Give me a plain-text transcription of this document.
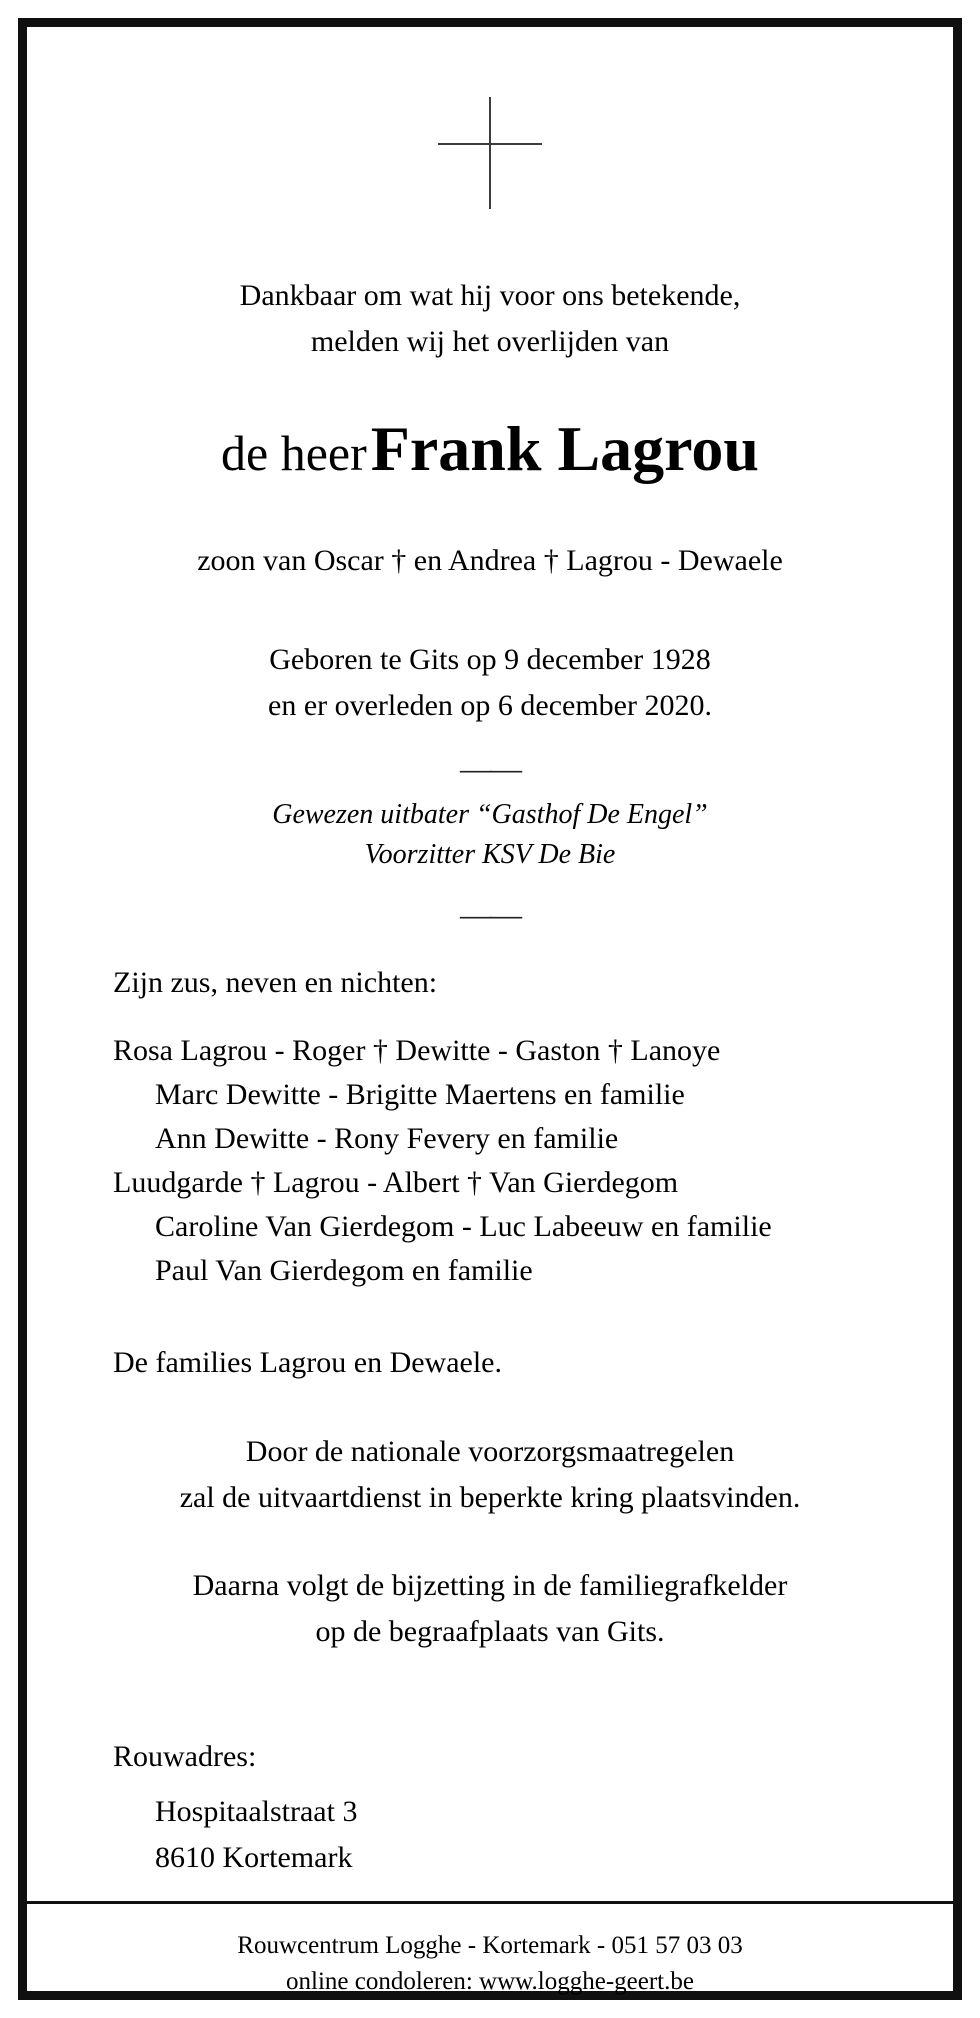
Dankbaar om wat hij voor ons betekende,
melden wij het overlijden van
de heer Frank Lagrou
zoon van Oscar † en Andrea † Lagrou - Dewaele
Geboren te Gits op 9 december 1928
en er overleden op 6 december 2020.
——
Gewezen uitbater “Gasthof De Engel”
Voorzitter KSV De Bie
——
Zijn zus, neven en nichten:
Rosa Lagrou - Roger † Dewitte - Gaston † Lanoye
Marc Dewitte - Brigitte Maertens en familie
Ann Dewitte - Rony Fevery en familie
Luudgarde † Lagrou - Albert † Van Gierdegom
Caroline Van Gierdegom - Luc Labeeuw en familie
Paul Van Gierdegom en familie
De families Lagrou en Dewaele.
Door de nationale voorzorgsmaatregelen
zal de uitvaartdienst in beperkte kring plaatsvinden.
Daarna volgt de bijzetting in de familiegrafkelder
op de begraafplaats van Gits.
Rouwadres:
Hospitaalstraat 3
8610 Kortemark
Rouwcentrum Logghe - Kortemark - 051 57 03 03
online condoleren: www.logghe-geert.be
